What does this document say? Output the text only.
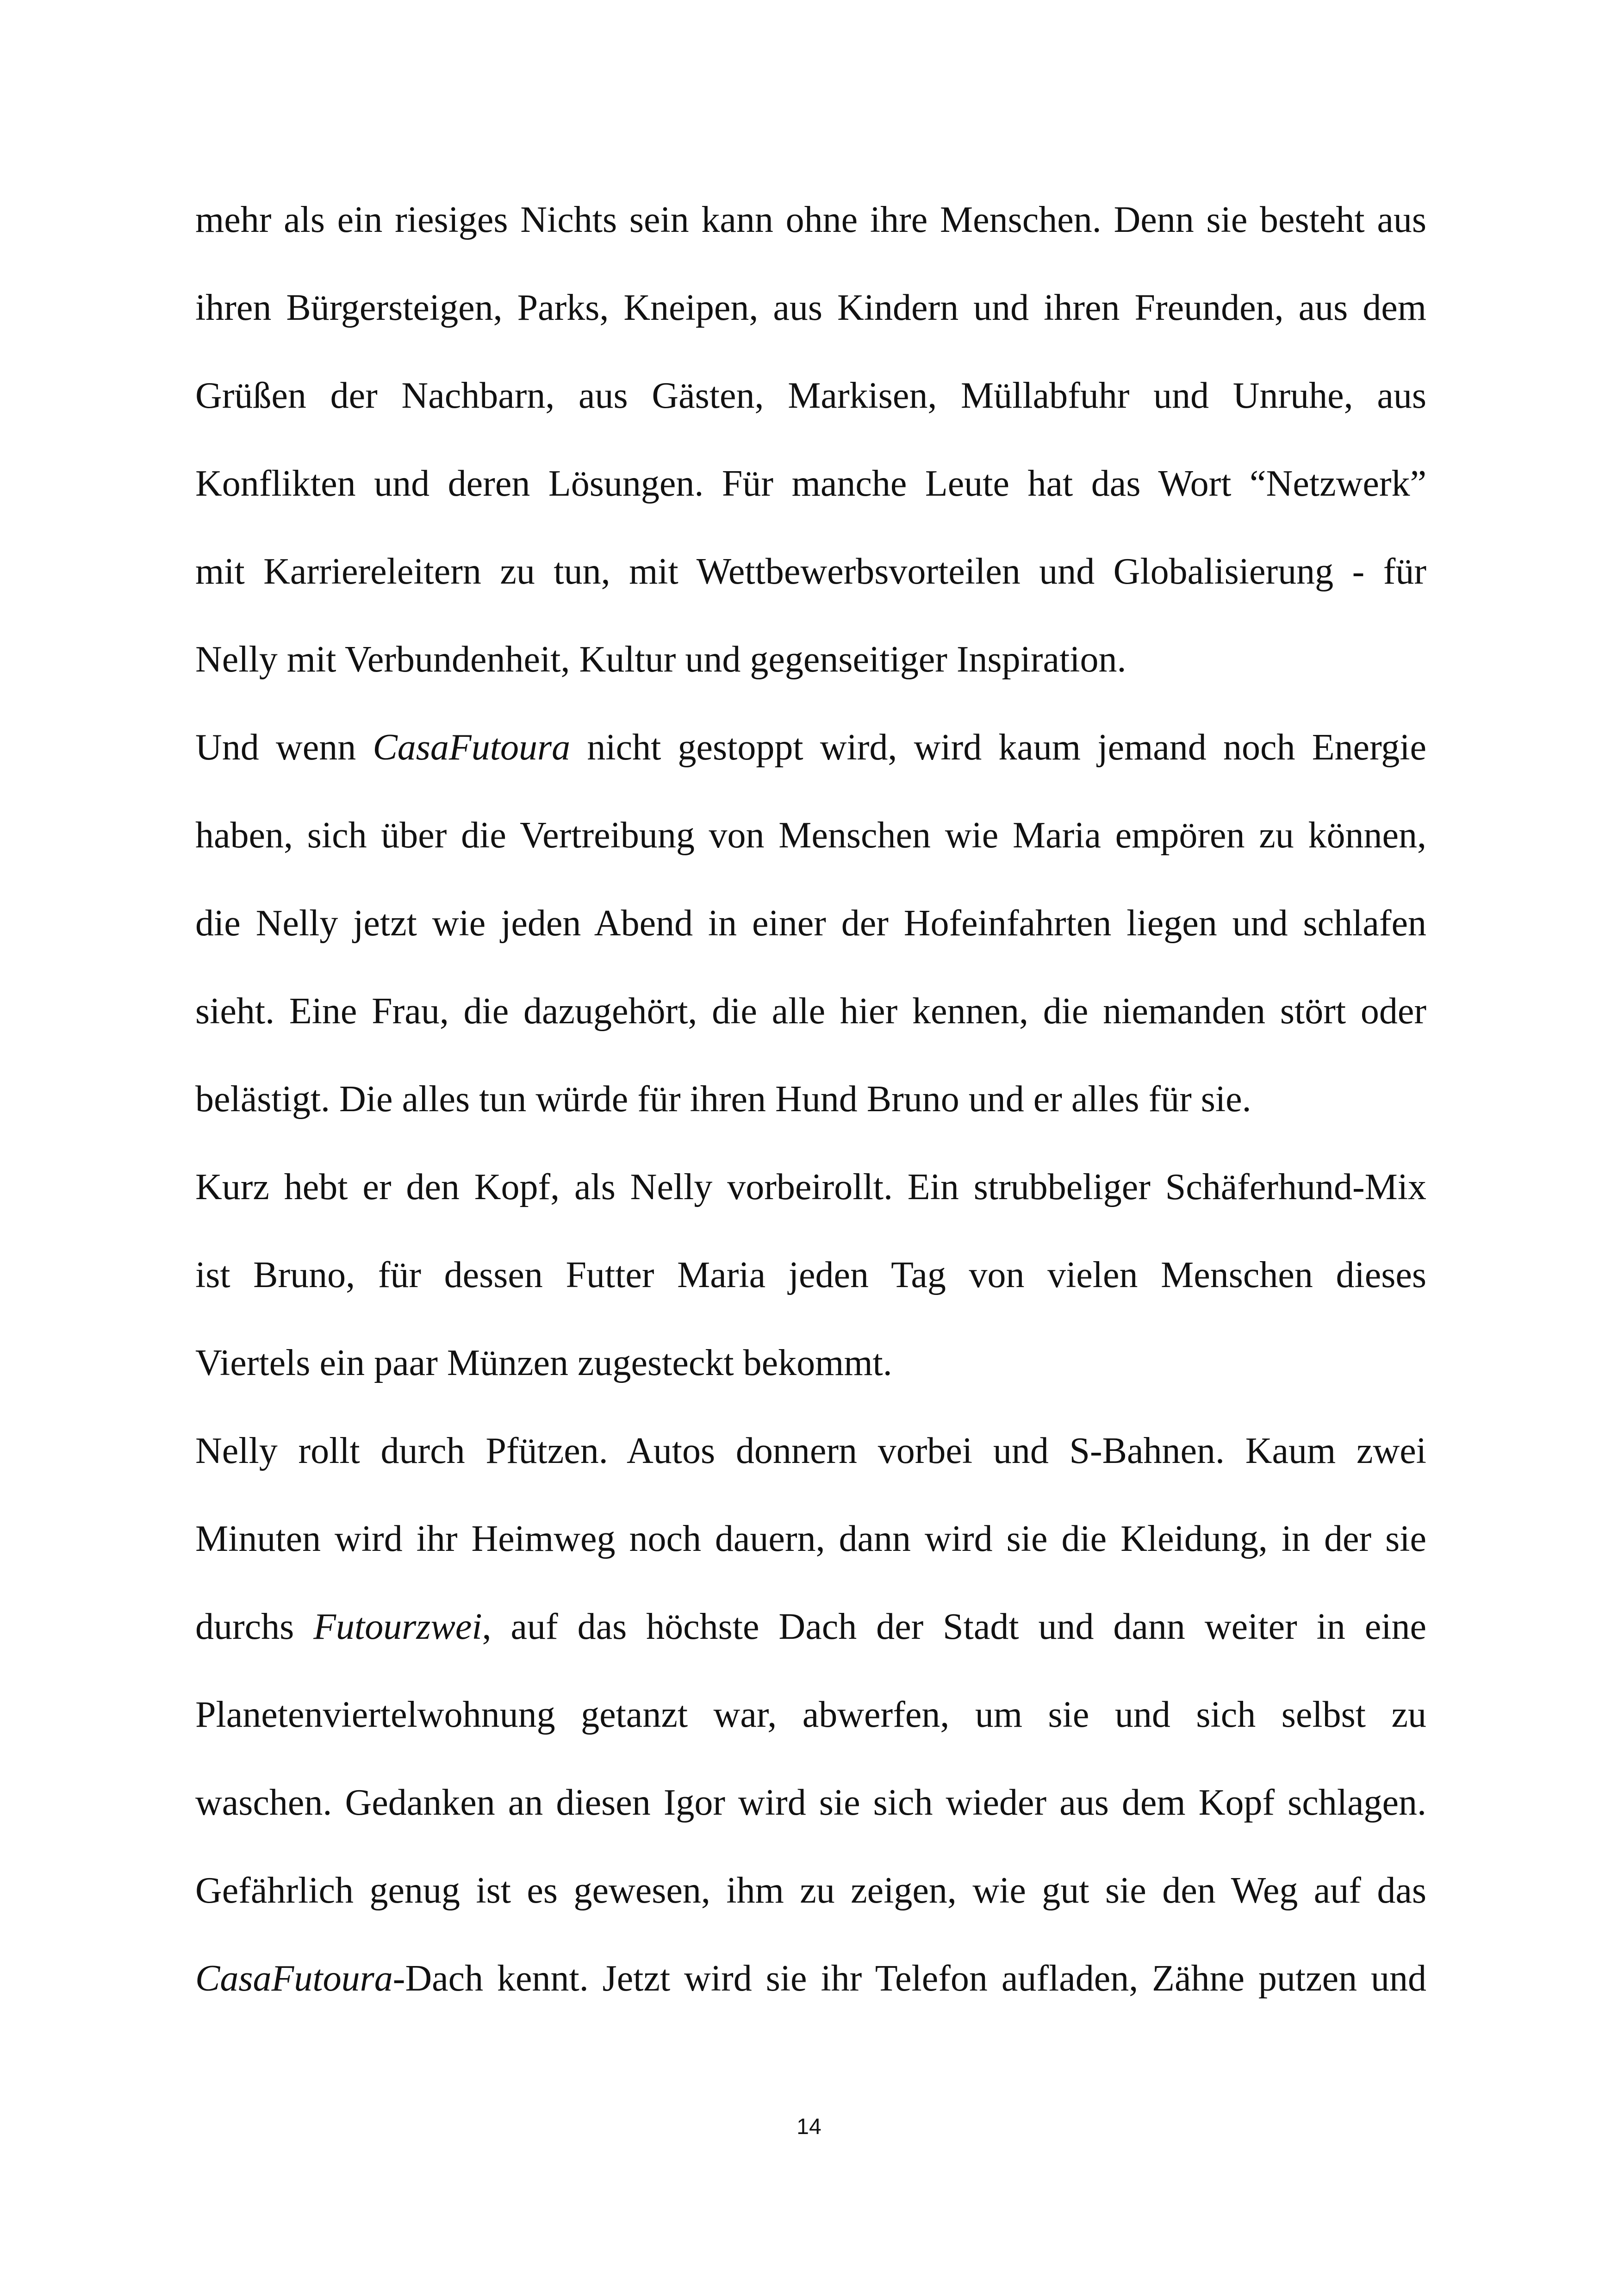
mehr als ein riesiges Nichts sein kann ohne ihre Menschen. Denn sie besteht aus
ihren Bürgersteigen, Parks, Kneipen, aus Kindern und ihren Freunden, aus dem
Grüßen der Nachbarn, aus Gästen, Markisen, Müllabfuhr und Unruhe, aus
Konflikten und deren Lösungen. Für manche Leute hat das Wort “Netzwerk”
mit Karriereleitern zu tun, mit Wettbewerbsvorteilen und Globalisierung - für
Nelly mit Verbundenheit, Kultur und gegenseitiger Inspiration.
Und wenn CasaFutoura nicht gestoppt wird, wird kaum jemand noch Energie
haben, sich über die Vertreibung von Menschen wie Maria empören zu können,
die Nelly jetzt wie jeden Abend in einer der Hofeinfahrten liegen und schlafen
sieht. Eine Frau, die dazugehört, die alle hier kennen, die niemanden stört oder
belästigt. Die alles tun würde für ihren Hund Bruno und er alles für sie.
Kurz hebt er den Kopf, als Nelly vorbeirollt. Ein strubbeliger Schäferhund-Mix
ist Bruno, für dessen Futter Maria jeden Tag von vielen Menschen dieses
Viertels ein paar Münzen zugesteckt bekommt.
Nelly rollt durch Pfützen. Autos donnern vorbei und S-Bahnen. Kaum zwei
Minuten wird ihr Heimweg noch dauern, dann wird sie die Kleidung, in der sie
durchs Futourzwei, auf das höchste Dach der Stadt und dann weiter in eine
Planetenviertelwohnung getanzt war, abwerfen, um sie und sich selbst zu
waschen. Gedanken an diesen Igor wird sie sich wieder aus dem Kopf schlagen.
Gefährlich genug ist es gewesen, ihm zu zeigen, wie gut sie den Weg auf das
CasaFutoura-Dach kennt. Jetzt wird sie ihr Telefon aufladen, Zähne putzen und
14
